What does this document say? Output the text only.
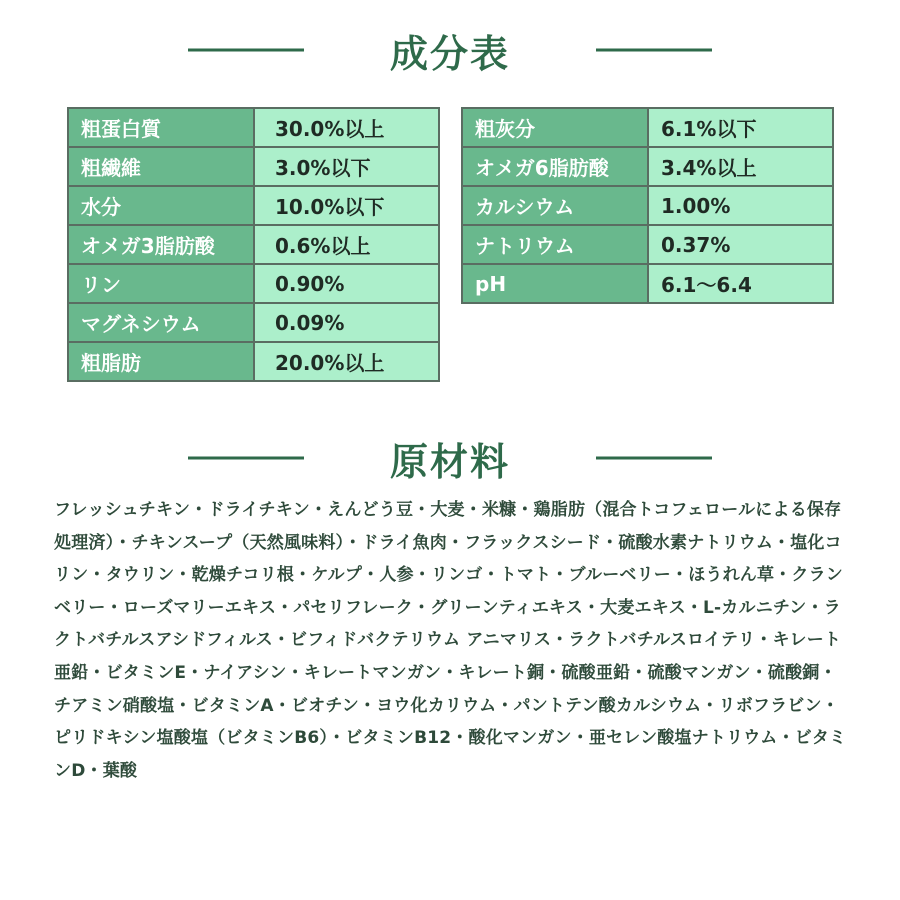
成分表
粗蛋白質	30.0%以上
粗繊維	3.0%以下
水分	10.0%以下
オメガ3脂肪酸	0.6%以上
リン	0.90%
マグネシウム	0.09%
粗脂肪	20.0%以上
粗灰分	6.1%以下
オメガ6脂肪酸	3.4%以上
カルシウム	1.00%
ナトリウム	0.37%
pH	6.1〜6.4
原材料
フレッシュチキン・ドライチキン・えんどう豆・大麦・米糠・鶏脂肪（混合トコフェロールによる保存処理済）・チキンスープ（天然風味料）・ドライ魚肉・フラックスシード・硫酸水素ナトリウム・塩化コリン・タウリン・乾燥チコリ根・ケルプ・人参・リンゴ・トマト・ブルーベリー・ほうれん草・クランベリー・ローズマリーエキス・パセリフレーク・グリーンティエキス・大麦エキス・L‐カルニチン・ラクトバチルスアシドフィルス・ビフィドバクテリウム アニマリス・ラクトバチルスロイテリ・キレート亜鉛・ビタミンE・ナイアシン・キレートマンガン・キレート銅・硫酸亜鉛・硫酸マンガン・硫酸銅・チアミン硝酸塩・ビタミンA・ビオチン・ヨウ化カリウム・パントテン酸カルシウム・リボフラビン・ピリドキシン塩酸塩（ビタミンB6）・ビタミンB12・酸化マンガン・亜セレン酸塩ナトリウム・ビタミンD・葉酸
